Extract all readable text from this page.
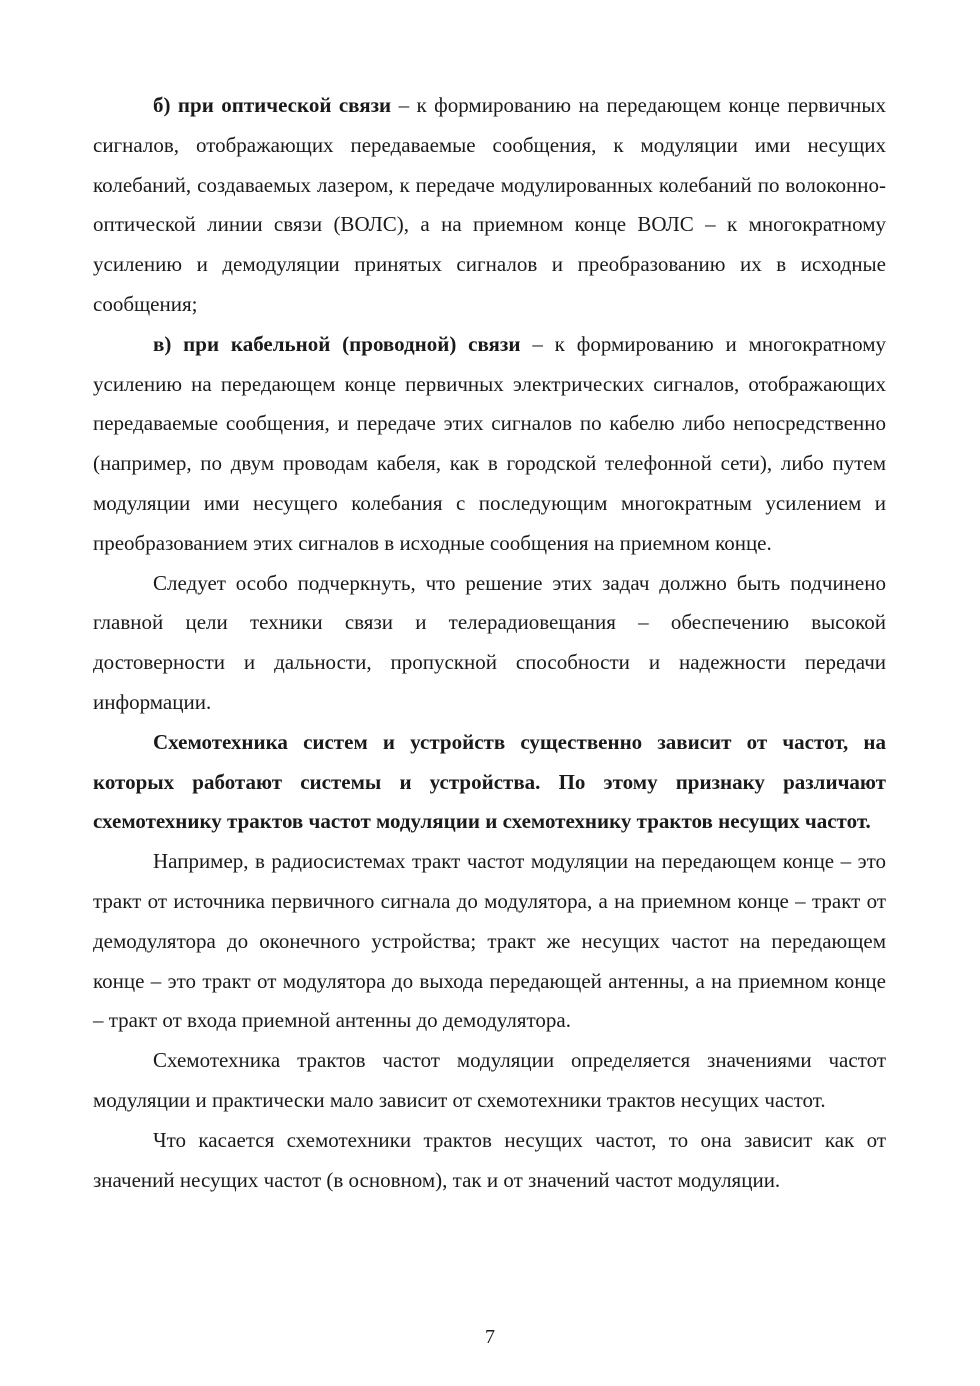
б) при оптической связи – к формированию на передающем конце первичных сигналов, отображающих передаваемые сообщения, к модуляции ими несущих колебаний, создаваемых лазером, к передаче модулированных колебаний по волоконно-оптической линии связи (ВОЛС), а на приемном конце ВОЛС – к многократному усилению и демодуляции принятых сигналов и преобразованию их в исходные сообщения;

в) при кабельной (проводной) связи – к формированию и многократному усилению на передающем конце первичных электрических сигналов, отображающих передаваемые сообщения, и передаче этих сигналов по кабелю либо непосредственно (например, по двум проводам кабеля, как в городской телефонной сети), либо путем модуляции ими несущего колебания с последующим многократным усилением и преобразованием этих сигналов в исходные сообщения на приемном конце.

Следует особо подчеркнуть, что решение этих задач должно быть подчинено главной цели техники связи и телерадиовещания – обеспечению высокой достоверности и дальности, пропускной способности и надежности передачи информации.

Схемотехника систем и устройств существенно зависит от частот, на которых работают системы и устройства. По этому признаку различают схемотехнику трактов частот модуляции и схемотехнику трактов несущих частот.

Например, в радиосистемах тракт частот модуляции на передающем конце – это тракт от источника первичного сигнала до модулятора, а на приемном конце – тракт от демодулятора до оконечного устройства; тракт же несущих частот на передающем конце – это тракт от модулятора до выхода передающей антенны, а на приемном конце – тракт от входа приемной антенны до демодулятора.

Схемотехника трактов частот модуляции определяется значениями частот модуляции и практически мало зависит от схемотехники трактов несущих частот.

Что касается схемотехники трактов несущих частот, то она зависит как от значений несущих частот (в основном), так и от значений частот модуляции.

7
